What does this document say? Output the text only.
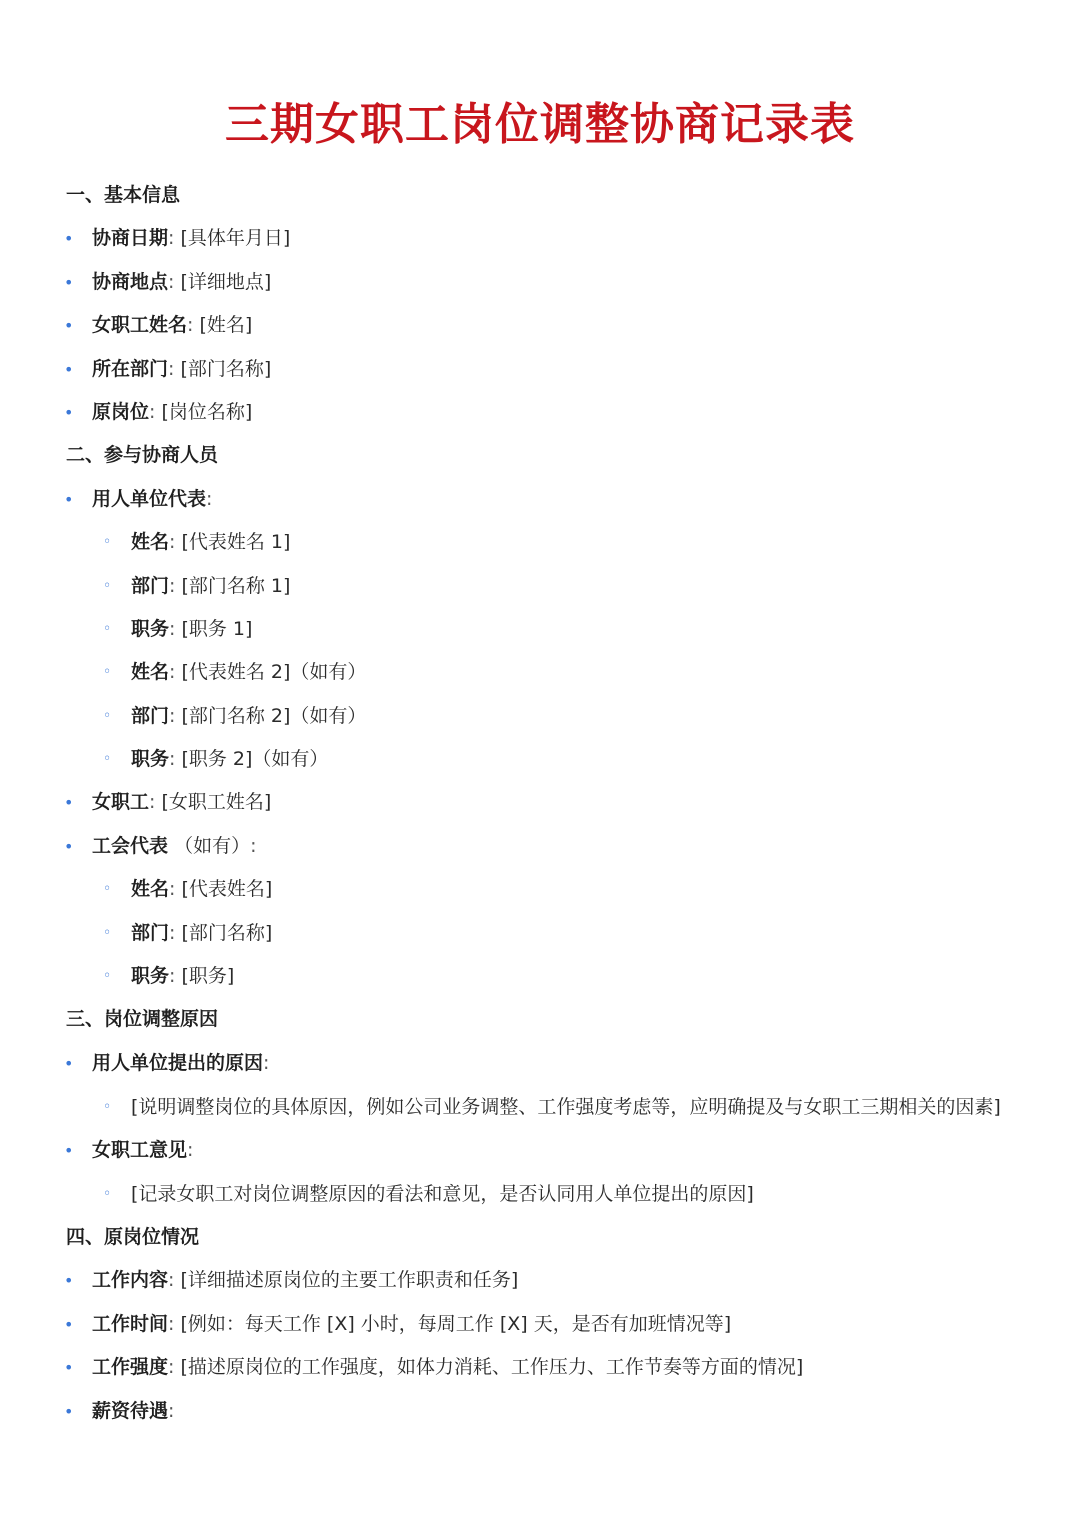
三期女职工岗位调整协商记录表
一、基本信息
• 协商日期: [具体年月日]
• 协商地点: [详细地点]
• 女职工姓名: [姓名]
• 所在部门: [部门名称]
• 原岗位: [岗位名称]
二、参与协商人员
• 用人单位代表:
◦ 姓名: [代表姓名 1]
◦ 部门: [部门名称 1]
◦ 职务: [职务 1]
◦ 姓名: [代表姓名 2]（如有）
◦ 部门: [部门名称 2]（如有）
◦ 职务: [职务 2]（如有）
• 女职工: [女职工姓名]
• 工会代表 （如有）:
◦ 姓名: [代表姓名]
◦ 部门: [部门名称]
◦ 职务: [职务]
三、岗位调整原因
• 用人单位提出的原因:
◦ [说明调整岗位的具体原因，例如公司业务调整、工作强度考虑等，应明确提及与女职工三期相关的因素]
• 女职工意见:
◦ [记录女职工对岗位调整原因的看法和意见，是否认同用人单位提出的原因]
四、原岗位情况
• 工作内容: [详细描述原岗位的主要工作职责和任务]
• 工作时间: [例如：每天工作 [X] 小时，每周工作 [X] 天，是否有加班情况等]
• 工作强度: [描述原岗位的工作强度，如体力消耗、工作压力、工作节奏等方面的情况]
• 薪资待遇:
